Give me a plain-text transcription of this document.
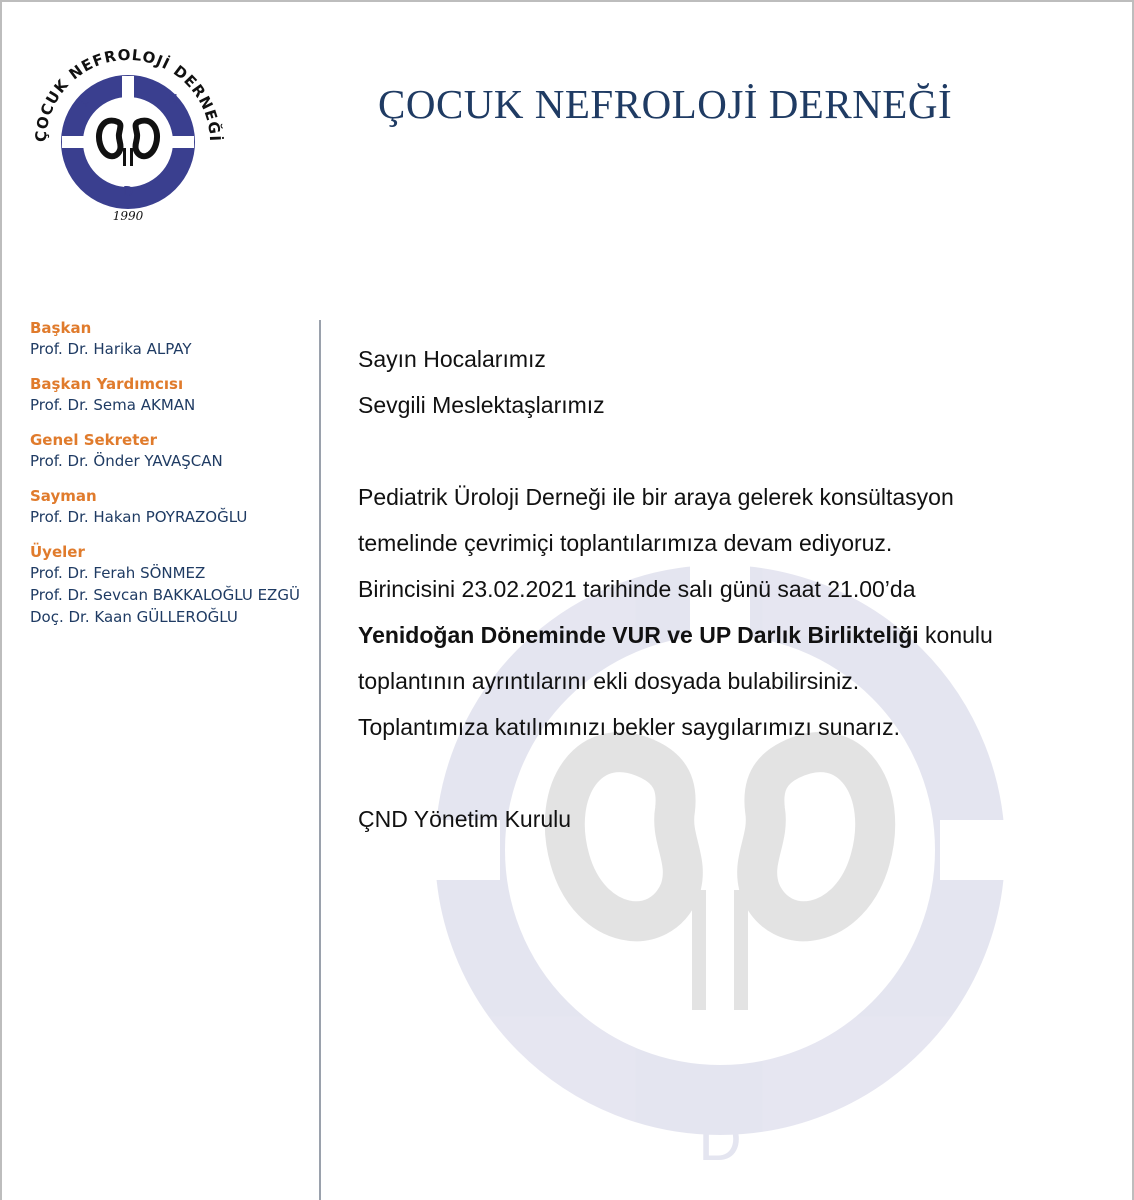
D
ÇOCUK NEFROLOJİ DERNEĞİ
Ç	N
D
1990
ÇOCUK NEFROLOJİ DERNEĞİ
Başkan
Prof. Dr. Harika ALPAY
Başkan Yardımcısı
Prof. Dr. Sema AKMAN
Genel Sekreter
Prof. Dr. Önder YAVAŞCAN
Sayman
Prof. Dr. Hakan POYRAZOĞLU
Üyeler
Prof. Dr. Ferah SÖNMEZ
Prof. Dr. Sevcan BAKKALOĞLU EZGÜ
Doç. Dr. Kaan GÜLLEROĞLU

Sayın Hocalarımız

Sevgili Meslektaşlarımız

Pediatrik Üroloji Derneği ile bir araya gelerek konsültasyon

temelinde çevrimiçi toplantılarımıza devam ediyoruz.

Birincisini 23.02.2021 tarihinde salı günü saat 21.00’da

Yenidoğan Döneminde VUR ve UP Darlık Birlikteliği konulu

toplantının ayrıntılarını ekli dosyada bulabilirsiniz.

Toplantımıza katılımınızı bekler saygılarımızı sunarız.

ÇND Yönetim Kurulu
